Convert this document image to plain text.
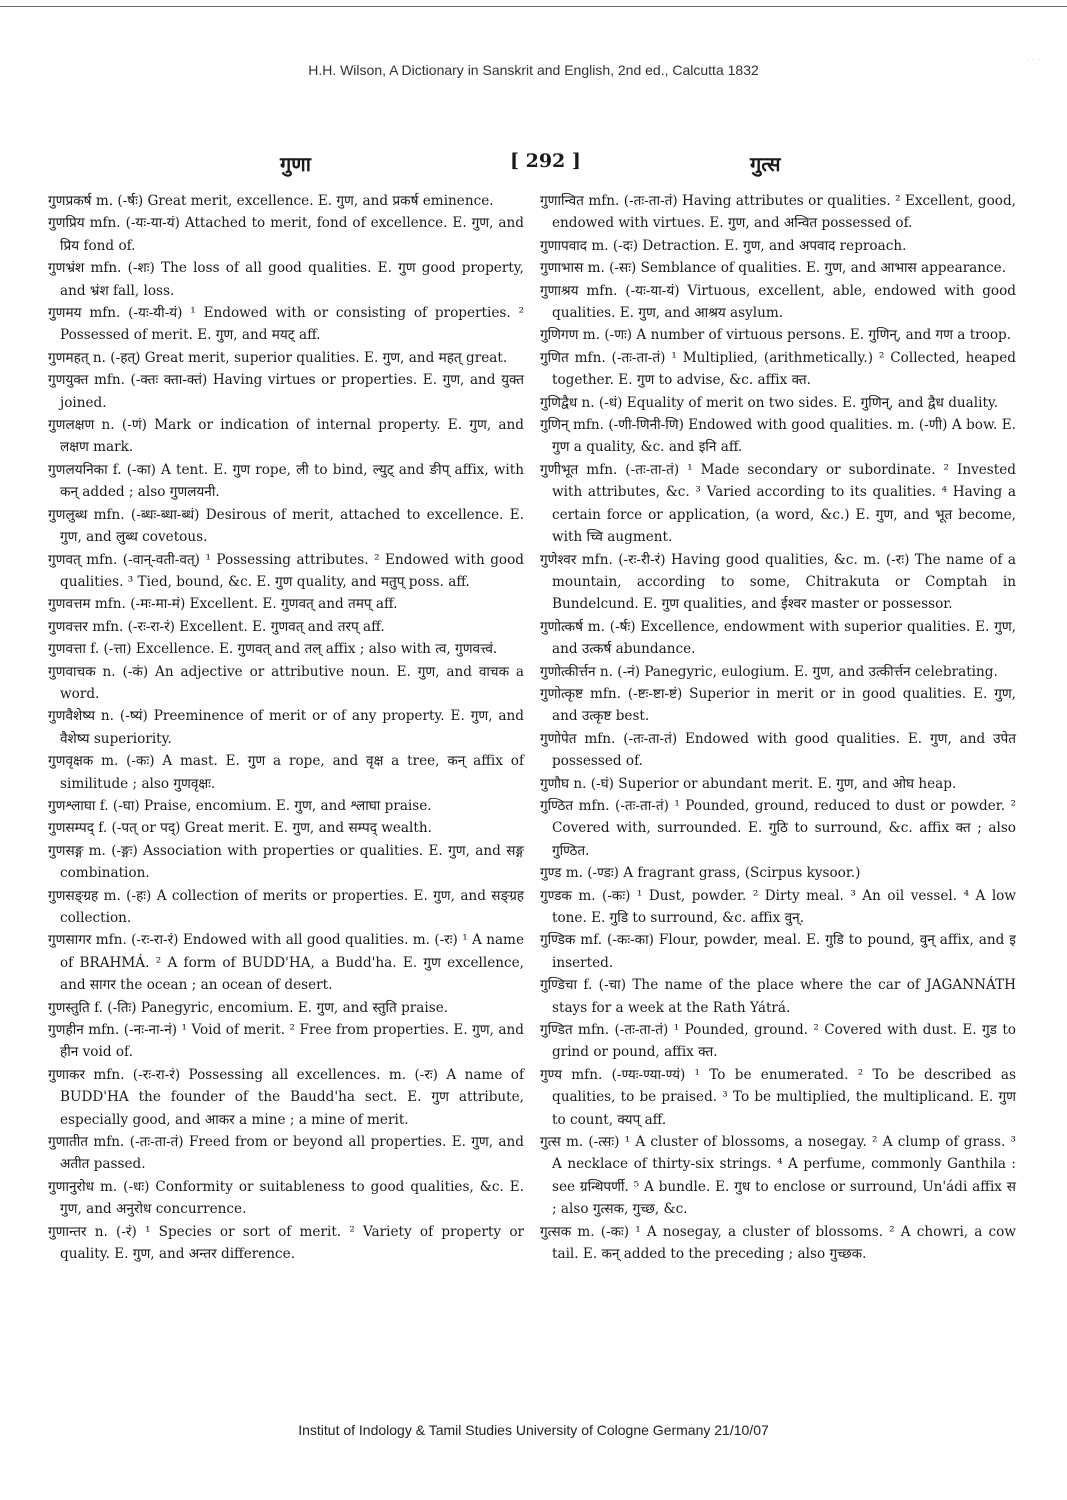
· · ·
H.H. Wilson, A Dictionary in Sanskrit and English, 2nd ed., Calcutta 1832
गुणा	[ 292 ]	गुत्स

गुणप्रकर्ष m. (-र्षः) Great merit, excellence. E. गुण, and प्रकर्ष eminence.

गुणप्रिय mfn. (-यः-या-यं) Attached to merit, fond of excellence. E. गुण, and प्रिय fond of.

गुणभ्रंश mfn. (-शः) The loss of all good qualities. E. गुण good property, and भ्रंश fall, loss.

गुणमय mfn. (-यः-यी-यं) ¹ Endowed with or consisting of properties. ² Possessed of merit. E. गुण, and मयट् aff.

गुणमहत् n. (-हत्) Great merit, superior qualities. E. गुण, and महत् great.

गुणयुक्त mfn. (-क्तः क्ता-क्तं) Having virtues or properties. E. गुण, and युक्त joined.

गुणलक्षण n. (-णं) Mark or indication of internal property. E. गुण, and लक्षण mark.

गुणलयनिका f. (-का) A tent. E. गुण rope, ली to bind, ल्युट् and ङीप् affix, with कन् added ; also गुणलयनी.

गुणलुब्ध mfn. (-ब्धः-ब्धा-ब्धं) Desirous of merit, attached to excellence. E. गुण, and लुब्ध covetous.

गुणवत् mfn. (-वान्-वती-वत्) ¹ Possessing attributes. ² Endowed with good qualities. ³ Tied, bound, &c. E. गुण quality, and मतुप् poss. aff.

गुणवत्तम mfn. (-मः-मा-मं) Excellent. E. गुणवत् and तमप् aff.

गुणवत्तर mfn. (-रः-रा-रं) Excellent. E. गुणवत् and तरप् aff.

गुणवत्ता f. (-त्ता) Excellence. E. गुणवत् and तल् affix ; also with त्व, गुणवत्त्वं.

गुणवाचक n. (-कं) An adjective or attributive noun. E. गुण, and वाचक a word.

गुणवैशेष्य n. (-ष्यं) Preeminence of merit or of any property. E. गुण, and वैशेष्य superiority.

गुणवृक्षक m. (-कः) A mast. E. गुण a rope, and वृक्ष a tree, कन् affix of similitude ; also गुणवृक्षः.

गुणश्लाघा f. (-घा) Praise, encomium. E. गुण, and श्लाघा praise.

गुणसम्पद् f. (-पत् or पद्) Great merit. E. गुण, and सम्पद् wealth.

गुणसङ्ग m. (-ङ्गः) Association with properties or qualities. E. गुण, and सङ्ग combination.

गुणसङ्ग्रह m. (-हः) A collection of merits or properties. E. गुण, and सङ्ग्रह collection.

गुणसागर mfn. (-रः-रा-रं) Endowed with all good qualities. m. (-रः) ¹ A name of BRAHMÁ. ² A form of BUDD'HA, a Budd'ha. E. गुण excellence, and सागर the ocean ; an ocean of desert.

गुणस्तुति f. (-तिः) Panegyric, encomium. E. गुण, and स्तुति praise.

गुणहीन mfn. (-नः-ना-नं) ¹ Void of merit. ² Free from properties. E. गुण, and हीन void of.

गुणाकर mfn. (-रः-रा-रं) Possessing all excellences. m. (-रः) A name of BUDD'HA the founder of the Baudd'ha sect. E. गुण attribute, especially good, and आकर a mine ; a mine of merit.

गुणातीत mfn. (-तः-ता-तं) Freed from or beyond all properties. E. गुण, and अतीत passed.

गुणानुरोध m. (-धः) Conformity or suitableness to good qualities, &c. E. गुण, and अनुरोध concurrence.

गुणान्तर n. (-रं) ¹ Species or sort of merit. ² Variety of property or quality. E. गुण, and अन्तर difference.

गुणान्वित mfn. (-तः-ता-तं) Having attributes or qualities. ² Excellent, good, endowed with virtues. E. गुण, and अन्वित possessed of.

गुणापवाद m. (-दः) Detraction. E. गुण, and अपवाद reproach.

गुणाभास m. (-सः) Semblance of qualities. E. गुण, and आभास appearance.

गुणाश्रय mfn. (-यः-या-यं) Virtuous, excellent, able, endowed with good qualities. E. गुण, and आश्रय asylum.

गुणिगण m. (-णः) A number of virtuous persons. E. गुणिन्, and गण a troop.

गुणित mfn. (-तः-ता-तं) ¹ Multiplied, (arithmetically.) ² Collected, heaped together. E. गुण to advise, &c. affix क्त.

गुणिद्वैध n. (-धं) Equality of merit on two sides. E. गुणिन्, and द्वैध duality.

गुणिन् mfn. (-णी-णिनी-णि) Endowed with good qualities. m. (-णी) A bow. E. गुण a quality, &c. and इनि aff.

गुणीभूत mfn. (-तः-ता-तं) ¹ Made secondary or subordinate. ² Invested with attributes, &c. ³ Varied according to its qualities. ⁴ Having a certain force or application, (a word, &c.) E. गुण, and भूत become, with च्वि augment.

गुणेश्वर mfn. (-रः-री-रं) Having good qualities, &c. m. (-रः) The name of a mountain, according to some, Chitrakuta or Comptah in Bundelcund. E. गुण qualities, and ईश्वर master or possessor.

गुणोत्कर्ष m. (-र्षः) Excellence, endowment with superior qualities. E. गुण, and उत्कर्ष abundance.

गुणोत्कीर्त्तन n. (-नं) Panegyric, eulogium. E. गुण, and उत्कीर्त्तन celebrating.

गुणोत्कृष्ट mfn. (-ष्टः-ष्टा-ष्टं) Superior in merit or in good qualities. E. गुण, and उत्कृष्ट best.

गुणोपेत mfn. (-तः-ता-तं) Endowed with good qualities. E. गुण, and उपेत possessed of.

गुणौघ n. (-घं) Superior or abundant merit. E. गुण, and ओघ heap.

गुण्ठित mfn. (-तः-ता-तं) ¹ Pounded, ground, reduced to dust or powder. ² Covered with, surrounded. E. गुठि to surround, &c. affix क्त ; also गुण्ठित.

गुण्ड m. (-ण्डः) A fragrant grass, (Scirpus kysoor.)

गुण्डक m. (-कः) ¹ Dust, powder. ² Dirty meal. ³ An oil vessel. ⁴ A low tone. E. गुडि to surround, &c. affix वुन्.

गुण्डिक mf. (-कः-का) Flour, powder, meal. E. गुडि to pound, वुन् affix, and इ inserted.

गुण्डिचा f. (-चा) The name of the place where the car of JAGANNÁTH stays for a week at the Rath Yátrá.

गुण्डित mfn. (-तः-ता-तं) ¹ Pounded, ground. ² Covered with dust. E. गुड to grind or pound, affix क्त.

गुण्य mfn. (-ण्यः-ण्या-ण्यं) ¹ To be enumerated. ² To be described as qualities, to be praised. ³ To be multiplied, the multiplicand. E. गुण to count, क्यप् aff.

गुत्स m. (-त्सः) ¹ A cluster of blossoms, a nosegay. ² A clump of grass. ³ A necklace of thirty-six strings. ⁴ A perfume, commonly Ganthila : see ग्रन्थिपर्णी. ⁵ A bundle. E. गुध to enclose or surround, Un'ádi affix स ; also गुत्सक, गुच्छ, &c.

गुत्सक m. (-कः) ¹ A nosegay, a cluster of blossoms. ² A chowri, a cow tail. E. कन् added to the preceding ; also गुच्छक.

Institut of Indology & Tamil Studies University of Cologne Germany 21/10/07
